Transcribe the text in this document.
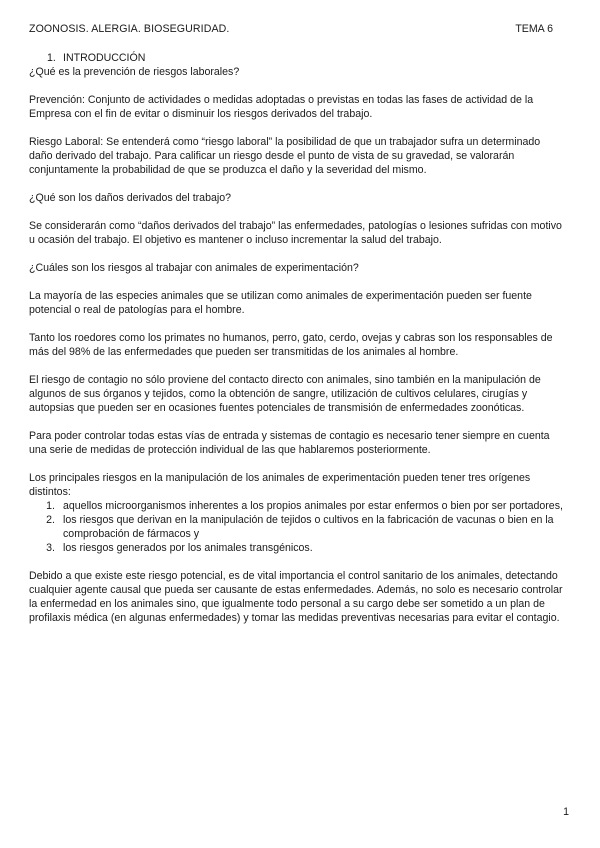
ZOONOSIS. ALERGIA. BIOSEGURIDAD.	TEMA 6
1. INTRODUCCIÓN

¿Qué es la prevención de riesgos laborales?

Prevención: Conjunto de actividades o medidas adoptadas o previstas en todas las fases de actividad de la Empresa con el fin de evitar o disminuir los riesgos derivados del trabajo.

Riesgo Laboral: Se entenderá como “riesgo laboral” la posibilidad de que un trabajador sufra un determinado daño derivado del trabajo. Para calificar un riesgo desde el punto de vista de su gravedad, se valorarán conjuntamente la probabilidad de que se produzca el daño y la severidad del mismo.

¿Qué son los daños derivados del trabajo?

Se considerarán como “daños derivados del trabajo” las enfermedades, patologías o lesiones sufridas con motivo u ocasión del trabajo. El objetivo es mantener o incluso incrementar la salud del trabajo.

¿Cuáles son los riesgos al trabajar con animales de experimentación?

La mayoría de las especies animales que se utilizan como animales de experimentación pueden ser fuente potencial o real de patologías para el hombre.

Tanto los roedores como los primates no humanos, perro, gato, cerdo, ovejas y cabras son los responsables de más del 98% de las enfermedades que pueden ser transmitidas de los animales al hombre.

El riesgo de contagio no sólo proviene del contacto directo con animales, sino también en la manipulación de algunos de sus órganos y tejidos, como la obtención de sangre, utilización de cultivos celulares, cirugías y autopsias que pueden ser en ocasiones fuentes potenciales de transmisión de enfermedades zoonóticas.

Para poder controlar todas estas vías de entrada y sistemas de contagio es necesario tener siempre en cuenta una serie de medidas de protección individual de las que hablaremos posteriormente.

Los principales riesgos en la manipulación de los animales de experimentación pueden tener tres orígenes distintos:

1. aquellos microorganismos inherentes a los propios animales por estar enfermos o bien por ser portadores,
2. los riesgos que derivan en la manipulación de tejidos o cultivos en la fabricación de vacunas o bien en la comprobación de fármacos y
3. los riesgos generados por los animales transgénicos.

Debido a que existe este riesgo potencial, es de vital importancia el control sanitario de los animales, detectando cualquier agente causal que pueda ser causante de estas enfermedades. Además, no solo es necesario controlar la enfermedad en los animales sino, que igualmente todo personal a su cargo debe ser sometido a un plan de profilaxis médica (en algunas enfermedades) y tomar las medidas preventivas necesarias para evitar el contagio.

1
